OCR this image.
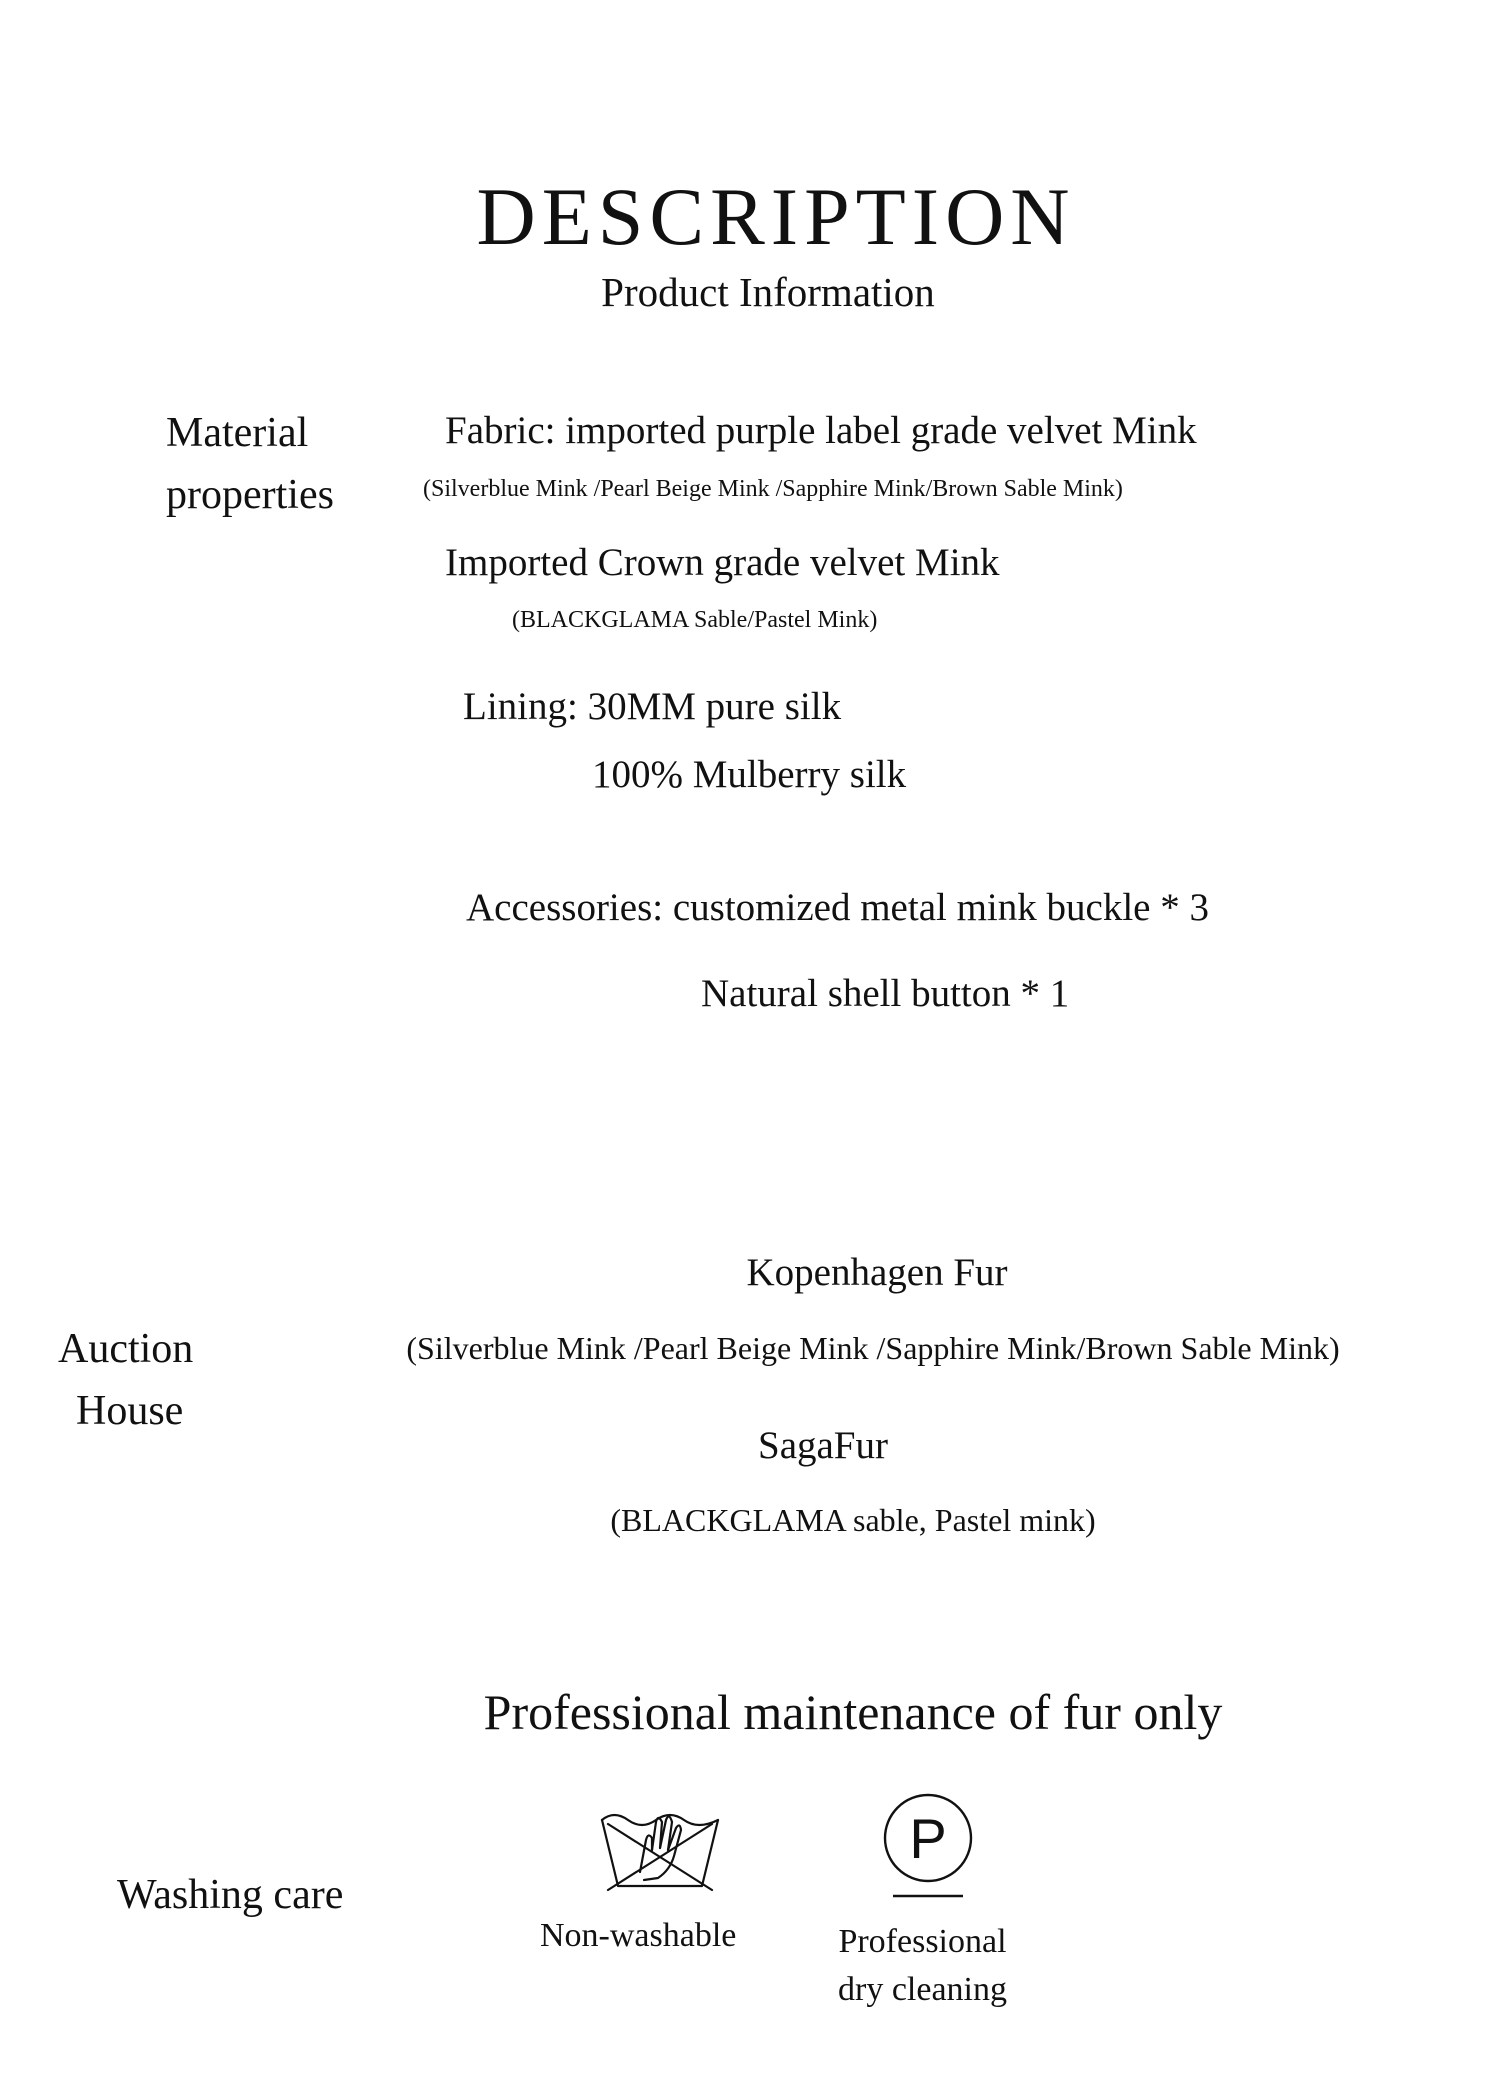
DESCRIPTION
Product Information
Material
properties
Fabric: imported purple label grade velvet Mink
(Silverblue Mink /Pearl Beige Mink /Sapphire Mink/Brown Sable Mink)
Imported Crown grade velvet Mink
(BLACKGLAMA Sable/Pastel Mink)
Lining: 30MM pure silk
100% Mulberry silk
Accessories: customized metal mink buckle * 3
Natural shell button * 1
Auction
House
Kopenhagen Fur
(Silverblue Mink /Pearl Beige Mink /Sapphire Mink/Brown Sable Mink)
SagaFur
(BLACKGLAMA sable, Pastel mink)
Professional maintenance of fur only
Washing care
Non-washable
P
Professional
dry cleaning
